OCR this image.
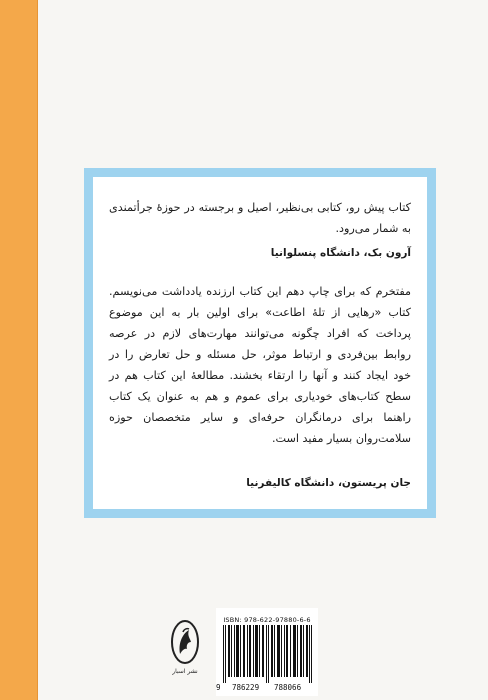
کتاب پیش رو، کتابی بی‌نظیر، اصیل و برجسته در حوزهٔ جرأتمندی به شمار می‌رود.

آرون بک، دانشگاه پنسلوانیا

مفتخرم که برای چاپ دهم این کتاب ارزنده یادداشت می‌نویسم. کتاب «رهایی از تلهٔ اطاعت» برای اولین بار به این موضوع پرداخت که افراد چگونه می‌توانند مهارت‌های لازم در عرصه روابط بین‌فردی و ارتباط موثر، حل مسئله و حل تعارض را در خود ایجاد کنند و آنها را ارتقاء بخشند. مطالعهٔ این کتاب هم در سطح کتاب‌های خودیاری برای عموم و هم به عنوان یک کتاب راهنما برای درمانگران حرفه‌ای و سایر متخصصان حوزه سلامت‌روان بسیار مفید است.

جان پریستون، دانشگاه کالیفرنیا

نشر اسبار
ISBN: 978-622-97880-6-6
9 786229 788066
